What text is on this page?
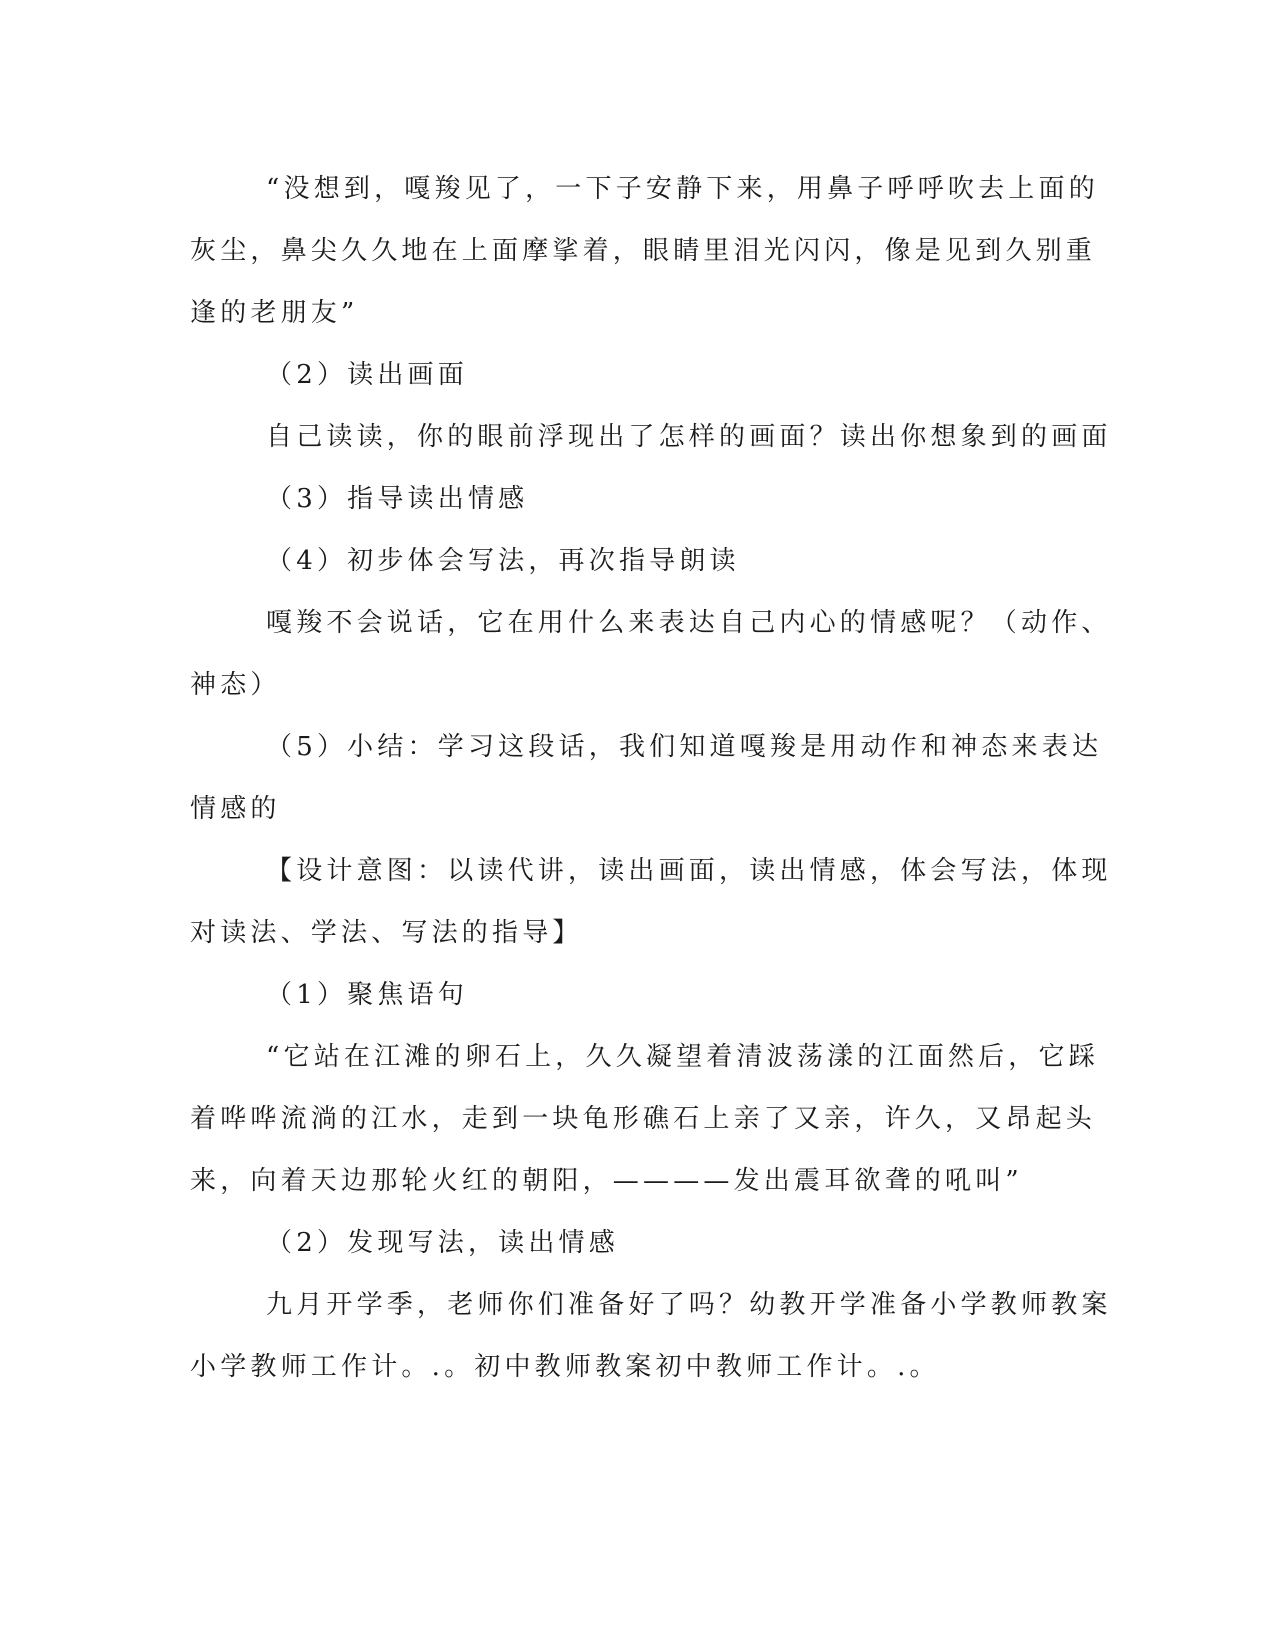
“没想到，嘎羧见了，一下子安静下来，用鼻子呼呼吹去上面的
灰尘，鼻尖久久地在上面摩挲着，眼睛里泪光闪闪，像是见到久别重
逢的老朋友”

（2）读出画面

自己读读，你的眼前浮现出了怎样的画面？读出你想象到的画面

（3）指导读出情感

（4）初步体会写法，再次指导朗读

嘎羧不会说话，它在用什么来表达自己内心的情感呢？（动作、
神态）

（5）小结：学习这段话，我们知道嘎羧是用动作和神态来表达
情感的

【设计意图：以读代讲，读出画面，读出情感，体会写法，体现
对读法、学法、写法的指导】

（1）聚焦语句

“它站在江滩的卵石上，久久凝望着清波荡漾的江面然后，它踩
着哗哗流淌的江水，走到一块龟形礁石上亲了又亲，许久，又昂起头
来，向着天边那轮火红的朝阳，————发出震耳欲聋的吼叫”

（2）发现写法，读出情感

九月开学季，老师你们准备好了吗？幼教开学准备小学教师教案
小学教师工作计。.。初中教师教案初中教师工作计。.。
